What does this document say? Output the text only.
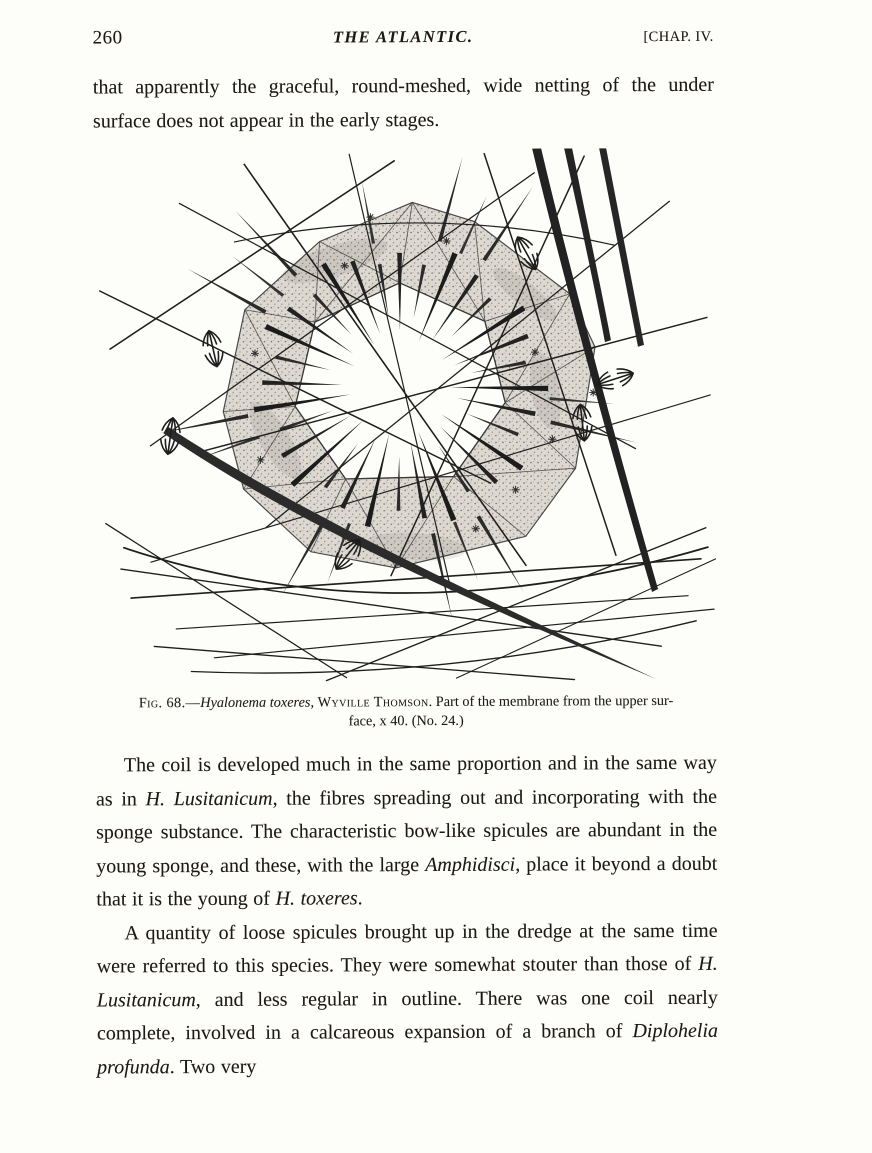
260	THE ATLANTIC.	[CHAP. IV.

that apparently the graceful, round-meshed, wide netting of the under surface does not appear in the early stages.

Fig. 68.—Hyalonema toxeres, Wyville Thomson. Part of the membrane from the upper sur-
face, x 40. (No. 24.)

The coil is developed much in the same proportion and in the same way as in H. Lusitanicum, the fibres spreading out and incorporating with the sponge substance. The characteristic bow-like spicules are abundant in the young sponge, and these, with the large Amphidisci, place it beyond a doubt that it is the young of H. toxeres.

A quantity of loose spicules brought up in the dredge at the same time were referred to this species. They were somewhat stouter than those of H. Lusitanicum, and less regular in outline. There was one coil nearly complete, involved in a calcareous expansion of a branch of Diplohelia profunda. Two very
